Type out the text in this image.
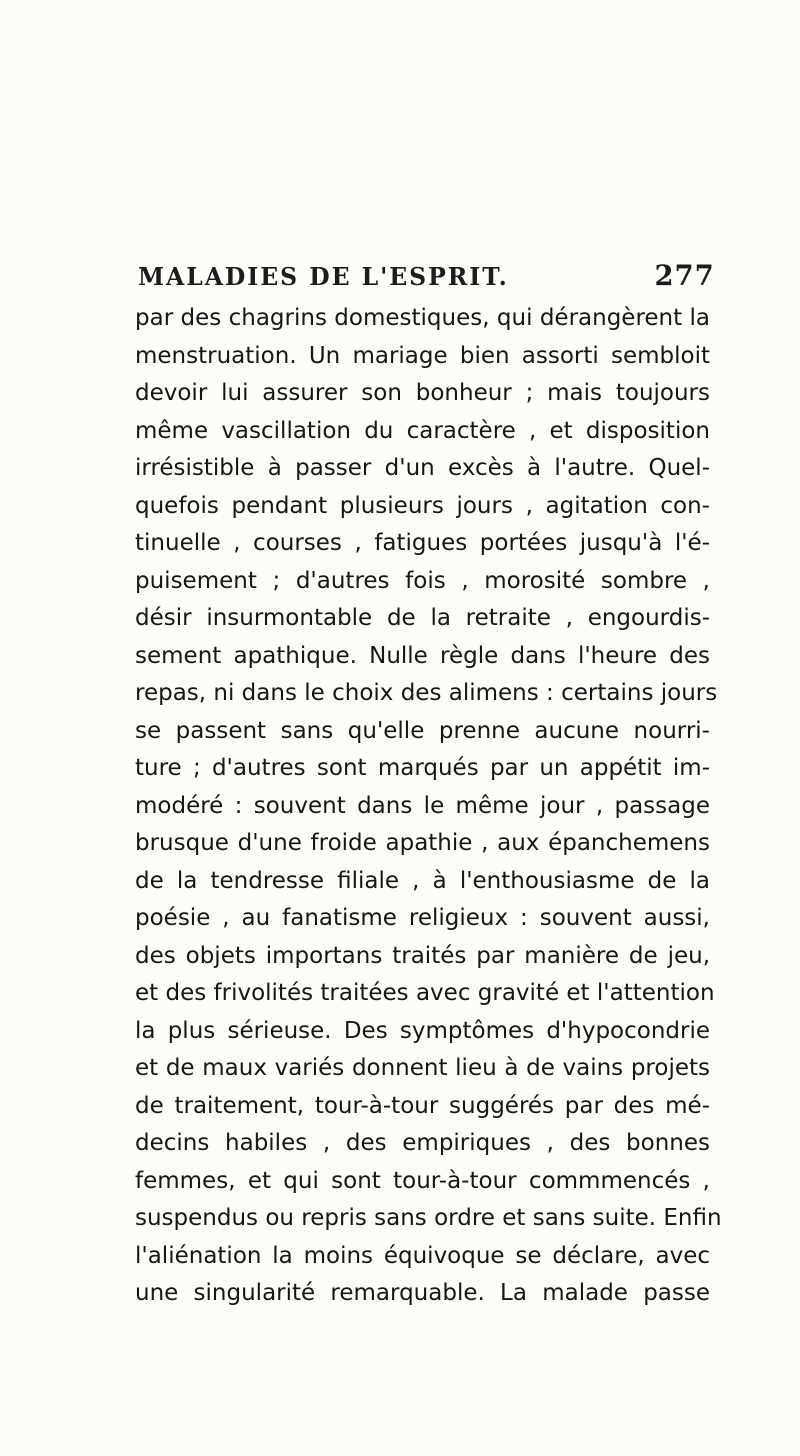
MALADIES DE L'ESPRIT.	277
par des chagrins domestiques, qui dérangèrent la
menstruation. Un mariage bien assorti sembloit
devoir lui assurer son bonheur ; mais toujours
même vascillation du caractère , et disposition
irrésistible à passer d'un excès à l'autre. Quel-
quefois pendant plusieurs jours , agitation con-
tinuelle , courses , fatigues portées jusqu'à l'é-
puisement ; d'autres fois , morosité sombre ,
désir insurmontable de la retraite , engourdis-
sement apathique. Nulle règle dans l'heure des
repas, ni dans le choix des alimens : certains jours
se passent sans qu'elle prenne aucune nourri-
ture ; d'autres sont marqués par un appétit im-
modéré : souvent dans le même jour , passage
brusque d'une froide apathie , aux épanchemens
de la tendresse filiale , à l'enthousiasme de la
poésie , au fanatisme religieux : souvent aussi,
des objets importans traités par manière de jeu,
et des frivolités traitées avec gravité et l'attention
la plus sérieuse. Des symptômes d'hypocondrie
et de maux variés donnent lieu à de vains projets
de traitement, tour-à-tour suggérés par des mé-
decins habiles , des empiriques , des bonnes
femmes, et qui sont tour-à-tour commmencés ,
suspendus ou repris sans ordre et sans suite. Enfin
l'aliénation la moins équivoque se déclare, avec
une singularité remarquable. La malade passe
